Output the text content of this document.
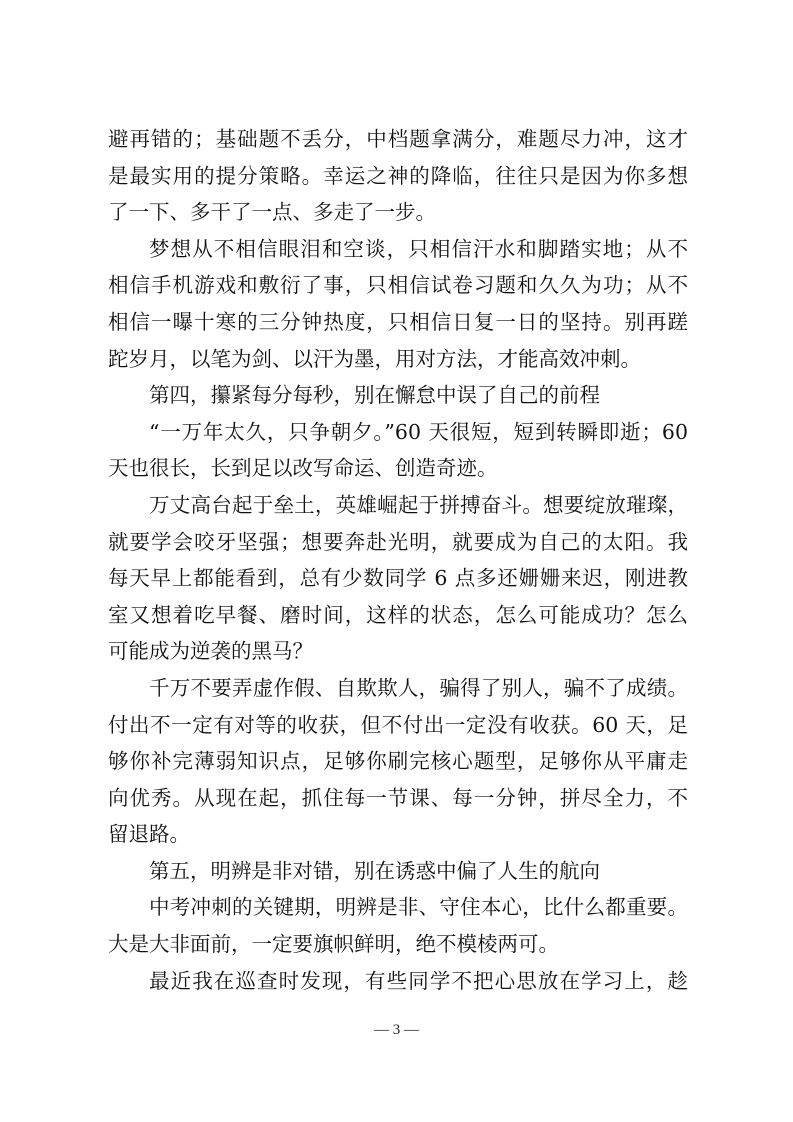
避再错的；基础题不丢分，中档题拿满分，难题尽力冲，这才
是最实用的提分策略。幸运之神的降临，往往只是因为你多想
了一下、多干了一点、多走了一步。
梦想从不相信眼泪和空谈，只相信汗水和脚踏实地；从不
相信手机游戏和敷衍了事，只相信试卷习题和久久为功；从不
相信一曝十寒的三分钟热度，只相信日复一日的坚持。别再蹉
跎岁月，以笔为剑、以汗为墨，用对方法，才能高效冲刺。
第四，攥紧每分每秒，别在懈怠中误了自己的前程
“一万年太久，只争朝夕。”60 天很短，短到转瞬即逝；60
天也很长，长到足以改写命运、创造奇迹。
万丈高台起于垒土，英雄崛起于拼搏奋斗。想要绽放璀璨，
就要学会咬牙坚强；想要奔赴光明，就要成为自己的太阳。我
每天早上都能看到，总有少数同学 6 点多还姗姗来迟，刚进教
室又想着吃早餐、磨时间，这样的状态，怎么可能成功？怎么
可能成为逆袭的黑马？
千万不要弄虚作假、自欺欺人，骗得了别人，骗不了成绩。
付出不一定有对等的收获，但不付出一定没有收获。60 天，足
够你补完薄弱知识点，足够你刷完核心题型，足够你从平庸走
向优秀。从现在起，抓住每一节课、每一分钟，拼尽全力，不
留退路。
第五，明辨是非对错，别在诱惑中偏了人生的航向
中考冲刺的关键期，明辨是非、守住本心，比什么都重要。
大是大非面前，一定要旗帜鲜明，绝不模棱两可。
最近我在巡查时发现，有些同学不把心思放在学习上，趁
— 3 —
